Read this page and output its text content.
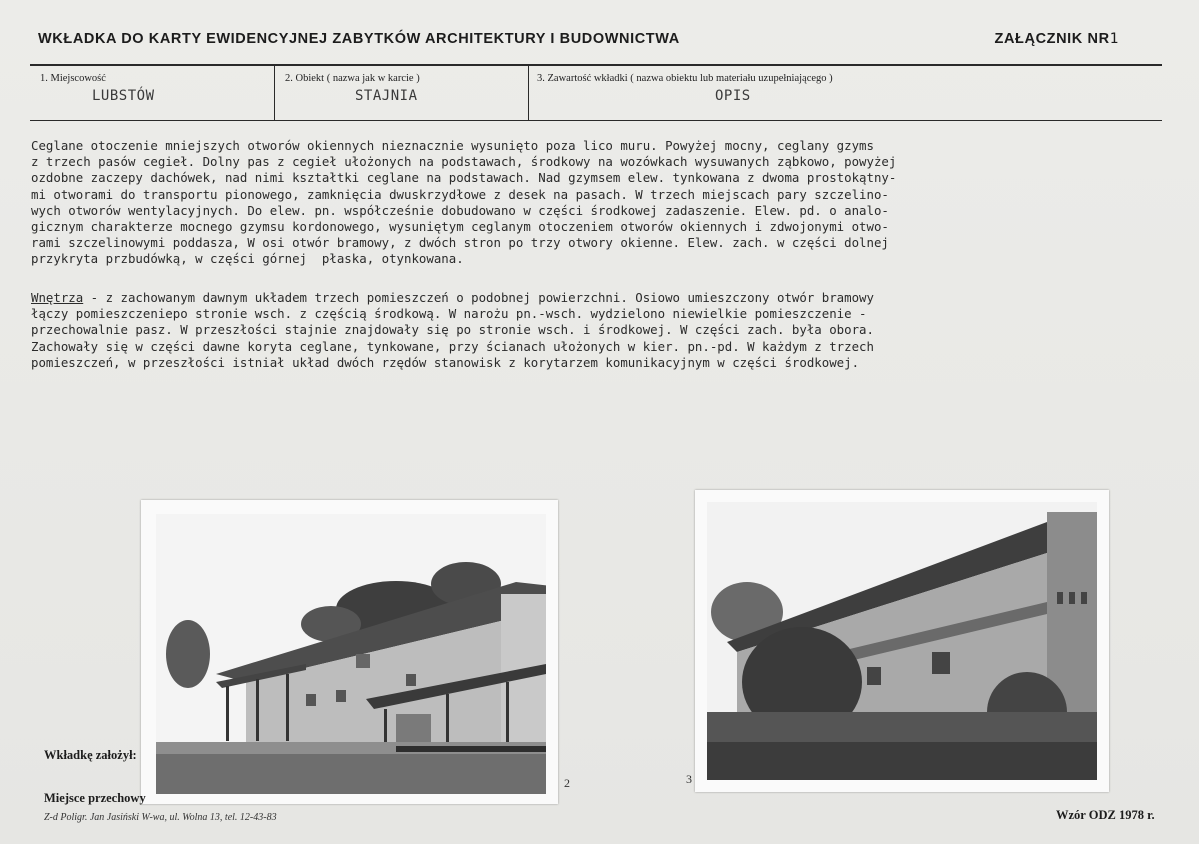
WKŁADKA DO KARTY EWIDENCYJNEJ ZABYTKÓW ARCHITEKTURY I BUDOWNICTWA	ZAŁĄCZNIK NR1
1. Miejscowość
LUBSTÓW
2. Obiekt ( nazwa jak w karcie )
STAJNIA
3. Zawartość wkładki ( nazwa obiektu lub materiału uzupełniającego )
OPIS

Ceglane otoczenie mniejszych otworów okiennych nieznacznie wysunięto poza lico muru. Powyżej mocny, ceglany gzyms

z trzech pasów cegieł. Dolny pas z cegieł ułożonych na podstawach, środkowy na wozówkach wysuwanych ząbkowo, powyżej

ozdobne zaczepy dachówek, nad nimi kształtki ceglane na podstawach. Nad gzymsem elew. tynkowana z dwoma prostokątny-

mi otworami do transportu pionowego, zamknięcia dwuskrzydłowe z desek na pasach. W trzech miejscach pary szczelino-

wych otworów wentylacyjnych. Do elew. pn. współcześnie dobudowano w części środkowej zadaszenie. Elew. pd. o analo-

gicznym charakterze mocnego gzymsu kordonowego, wysuniętym ceglanym otoczeniem otworów okiennych i zdwojonymi otwo-

rami szczelinowymi poddasza, W osi otwór bramowy, z dwóch stron po trzy otwory okienne. Elew. zach. w części dolnej

przykryta przbudówką, w części górnej  płaska, otynkowana.

Wnętrza - z zachowanym dawnym układem trzech pomieszczeń o podobnej powierzchni. Osiowo umieszczony otwór bramowy

łączy pomieszczeniepo stronie wsch. z częścią środkową. W narożu pn.-wsch. wydzielono niewielkie pomieszczenie -

przechowalnie pasz. W przeszłości stajnie znajdowały się po stronie wsch. i środkowej. W części zach. była obora.

Zachowały się w części dawne koryta ceglane, tynkowane, przy ścianach ułożonych w kier. pn.-pd. W każdym z trzech

pomieszczeń, w przeszłości istniał układ dwóch rzędów stanowisk z korytarzem komunikacyjnym w części środkowej.

2	3
Wkładkę założył:
Miejsce przechowy
Z-d Poligr. Jan Jasiński W-wa, ul. Wolna 13, tel. 12-43-83	Wzór ODZ 1978 r.
